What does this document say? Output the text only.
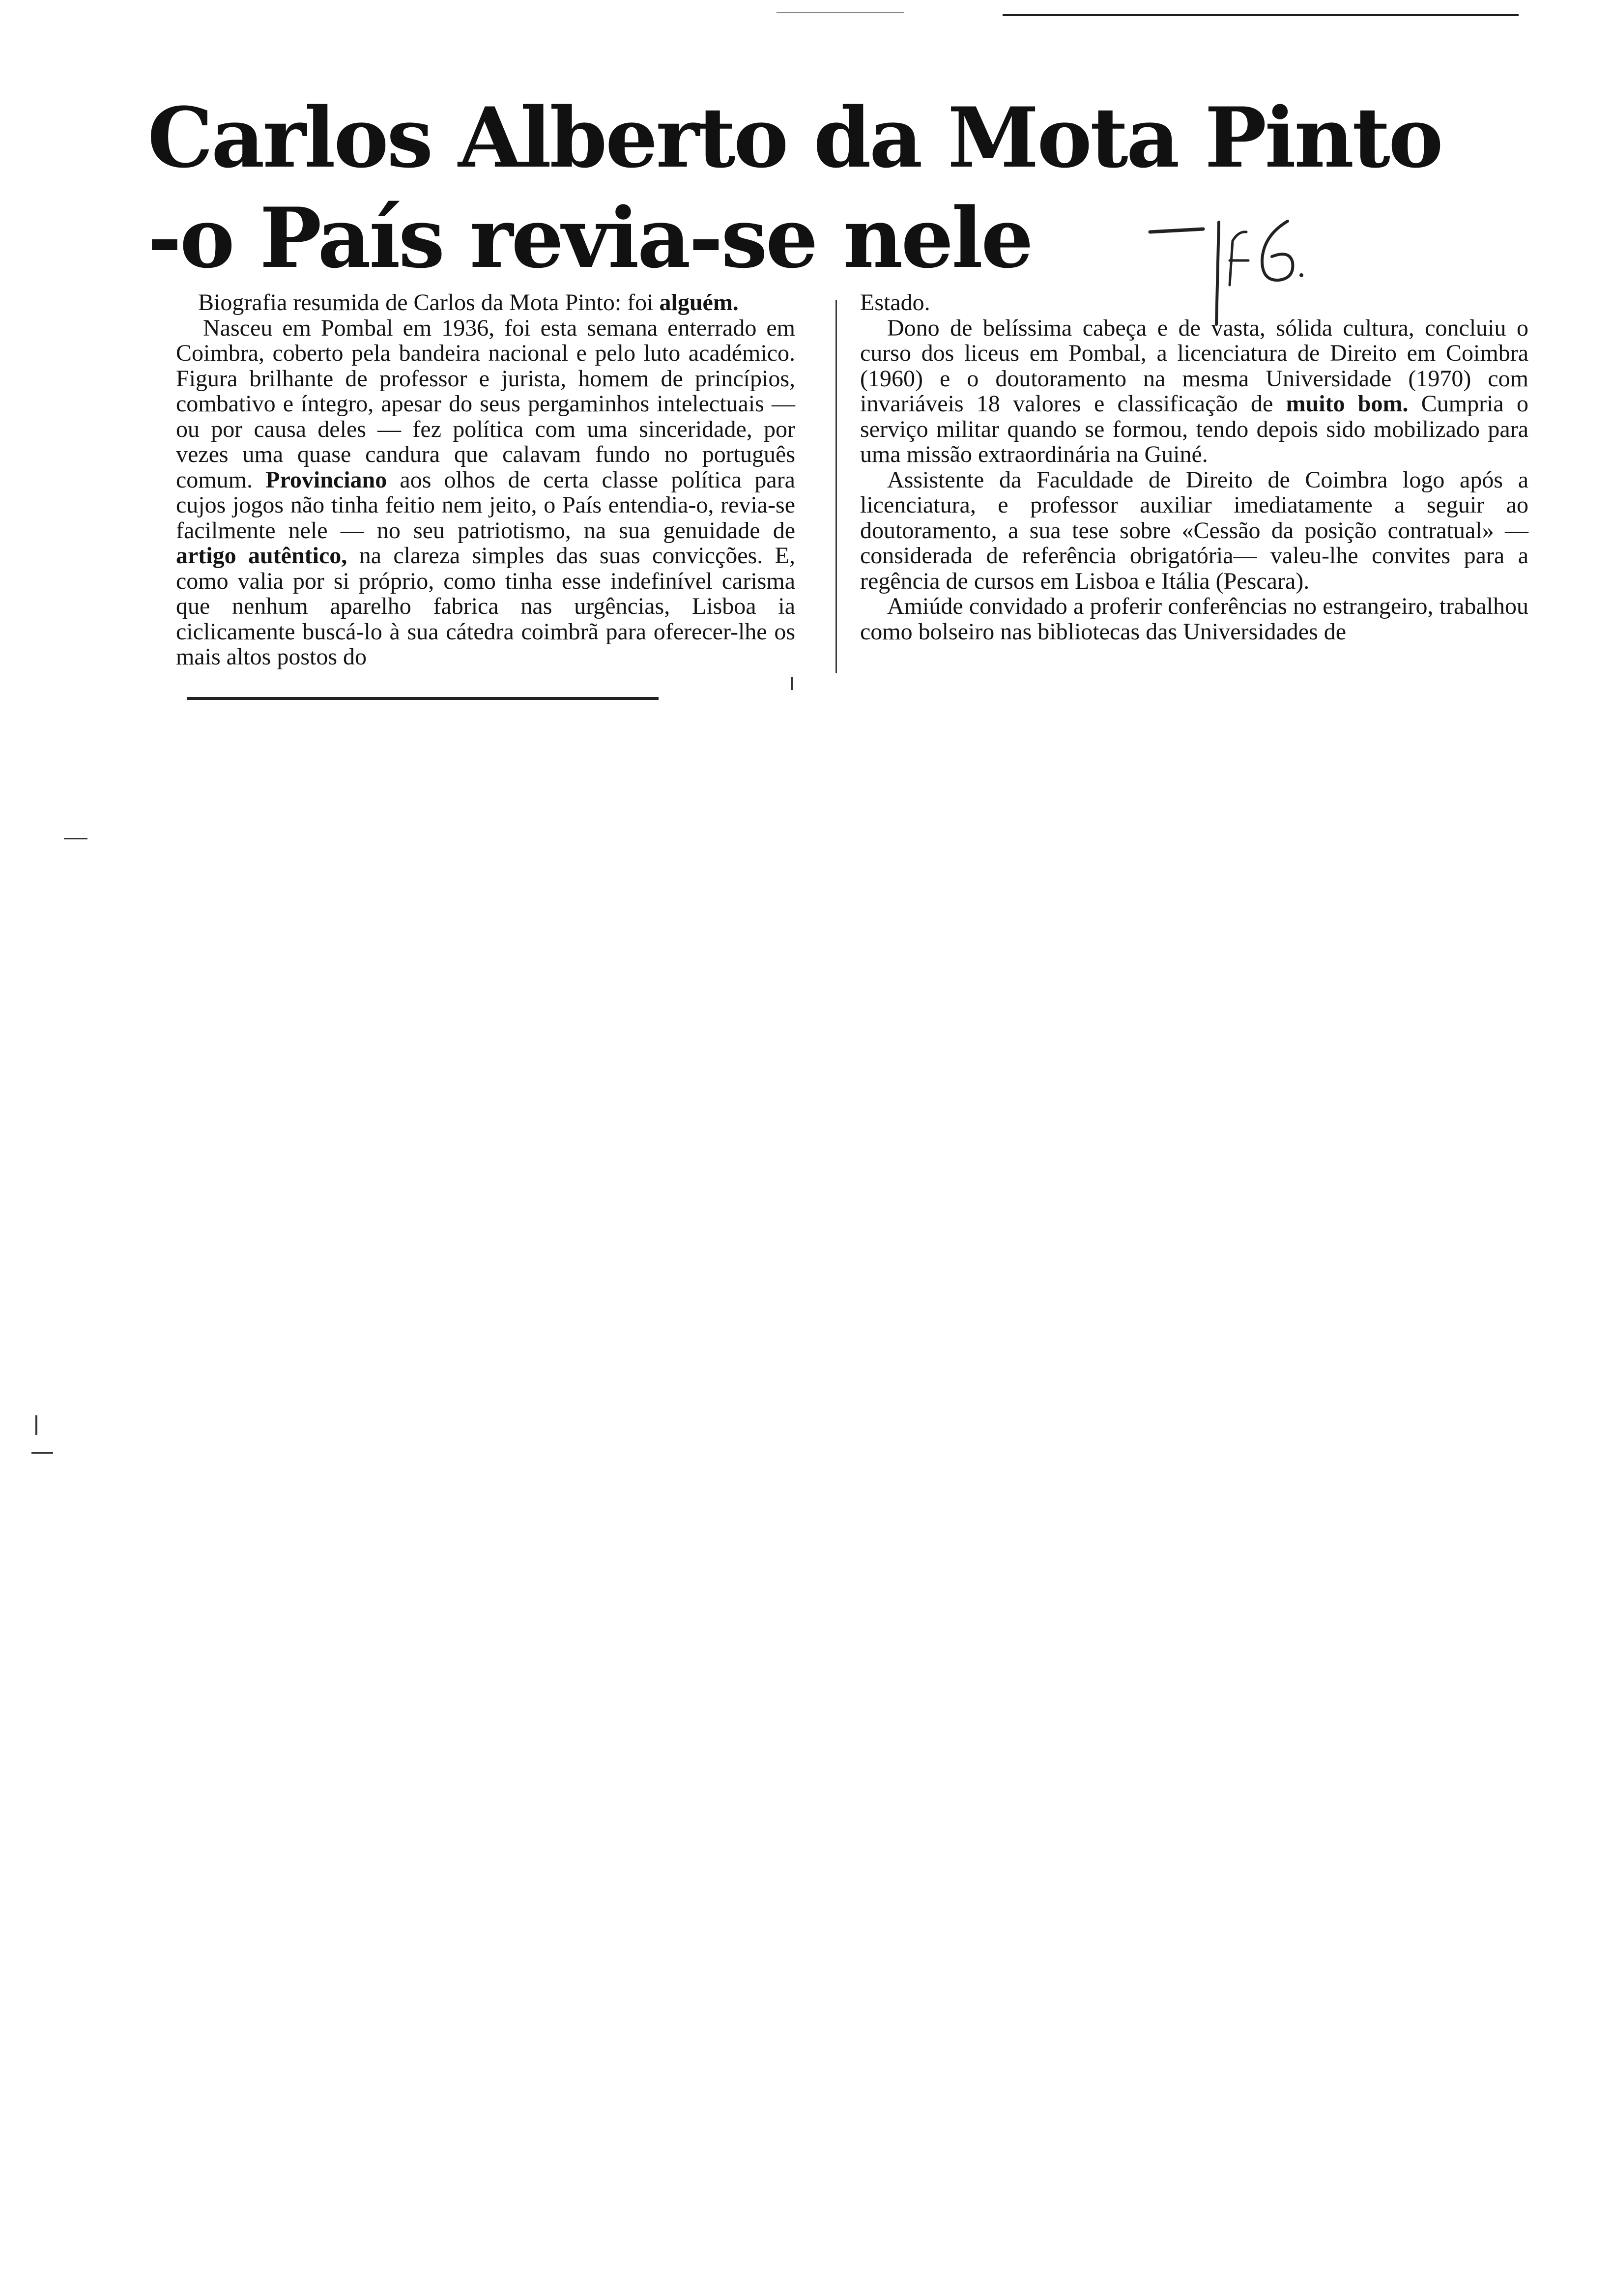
Carlos Alberto da Mota Pinto
-o País revia-se nele

Biografia resumida de Carlos da Mota Pinto: foi alguém.

Nasceu em Pombal em 1936, foi esta semana enterrado em Coimbra, coberto pela bandeira nacional e pelo luto académico. Figura brilhante de professor e jurista, homem de princípios, combativo e íntegro, apesar do seus pergaminhos intelectuais — ou por causa deles — fez política com uma sinceridade, por vezes uma quase candura que calavam fundo no português comum. Provinciano aos olhos de certa classe política para cujos jogos não tinha feitio nem jeito, o País entendia-o, revia-se facilmente nele — no seu patriotismo, na sua genuidade de artigo autêntico, na clareza simples das suas convicções. E, como valia por si próprio, como tinha esse indefinível carisma que nenhum aparelho fabrica nas urgências, Lisboa ia ciclicamente buscá-lo à sua cátedra coimbrã para oferecer-lhe os mais altos postos do

Estado.

Dono de belíssima cabeça e de vasta, sólida cultura, concluiu o curso dos liceus em Pombal, a licenciatura de Direito em Coimbra (1960) e o doutoramento na mesma Universidade (1970) com invariáveis 18 valores e classificação de muito bom. Cumpria o serviço militar quando se formou, tendo depois sido mobilizado para uma missão extraordinária na Guiné.

Assistente da Faculdade de Direito de Coimbra logo após a licenciatura, e professor auxiliar imediatamente a seguir ao doutoramento, a sua tese sobre «Cessão da posição contratual» — considerada de referência obrigatória— valeu-lhe convites para a regência de cursos em Lisboa e Itália (Pescara).

Amiúde convidado a proferir conferências no estrangeiro, trabalhou como bolseiro nas bibliotecas das Universidades de
